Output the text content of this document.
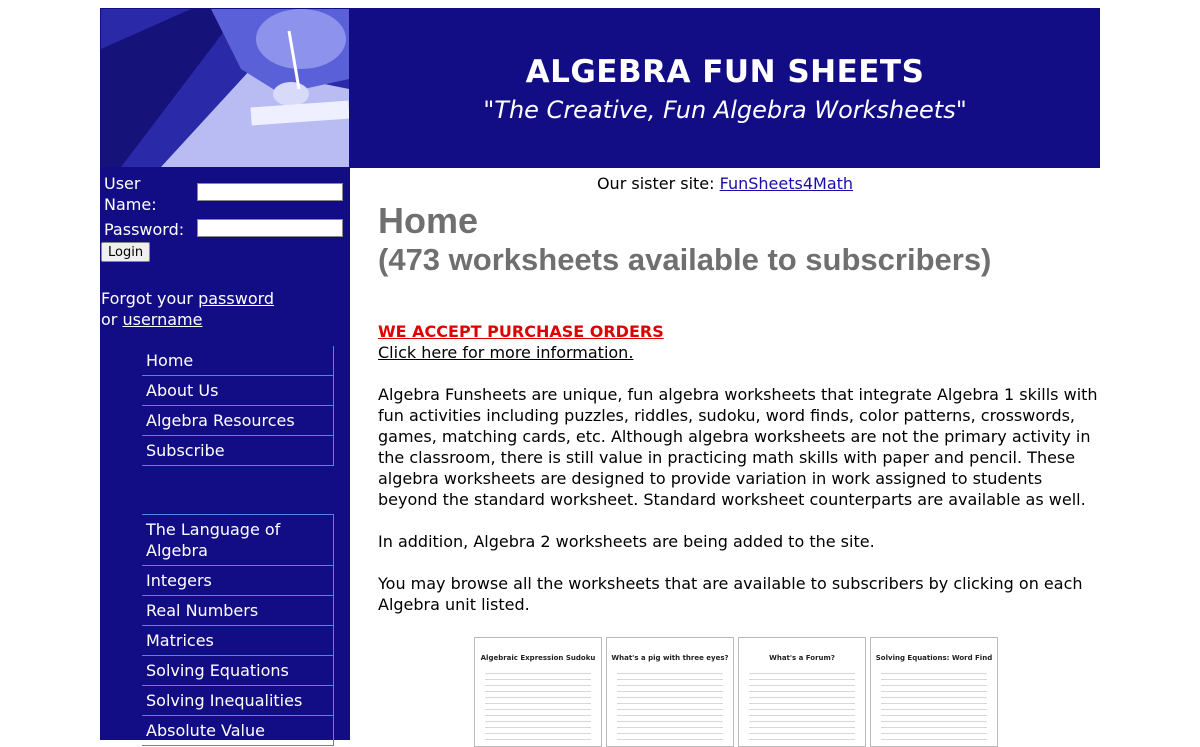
ALGEBRA FUN SHEETS
"The Creative, Fun Algebra Worksheets"
User Name:
Password:
Login
Forgot your password
or username
Home
About Us
Algebra Resources
Subscribe
The Language of Algebra
Integers
Real Numbers
Matrices
Solving Equations
Solving Inequalities
Absolute Value
Our sister site: FunSheets4Math
Home
(473 worksheets available to subscribers)
WE ACCEPT PURCHASE ORDERS
Click here for more information.
Algebra Funsheets are unique, fun algebra worksheets that integrate Algebra 1 skills with fun activities including puzzles, riddles, sudoku, word finds, color patterns, crosswords, games, matching cards, etc. Although algebra worksheets are not the primary activity in the classroom, there is still value in practicing math skills with paper and pencil. These algebra worksheets are designed to provide variation in work assigned to students beyond the standard worksheet. Standard worksheet counterparts are available as well.
In addition, Algebra 2 worksheets are being added to the site.
You may browse all the worksheets that are available to subscribers by clicking on each Algebra unit listed.
Algebraic Expression Sudoku	What's a pig with three eyes?	What's a Forum?	Solving Equations: Word Find
